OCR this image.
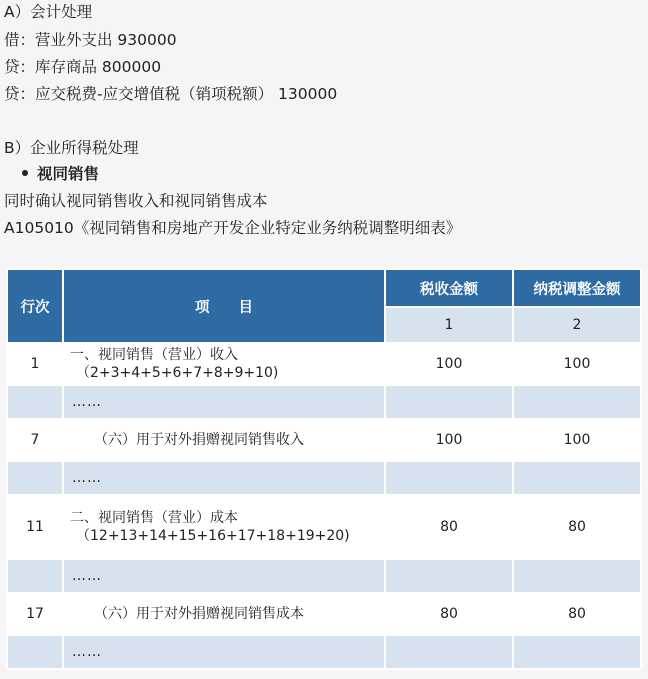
A）会计处理
借：营业外支出 930000
贷：库存商品 800000
贷：应交税费-应交增值税（销项税额） 130000
B）企业所得税处理
视同销售
同时确认视同销售收入和视同销售成本
A105010《视同销售和房地产开发企业特定业务纳税调整明细表》
行次	项　　目	税收金额	纳税调整金额
		1	2
1	一、视同销售（营业）收入
（2+3+4+5+6+7+8+9+10)	100	100
	……		
7	（六）用于对外捐赠视同销售收入	100	100
	……		
11	二、视同销售（营业）成本
（12+13+14+15+16+17+18+19+20)	80	80
	……		
17	（六）用于对外捐赠视同销售成本	80	80
	……		
